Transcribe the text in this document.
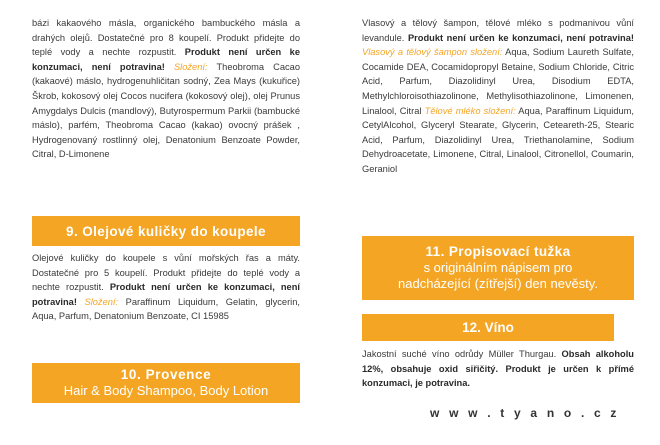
bázi kakaového másla, organického bambuckého másla a drahých olejů. Dostatečné pro 8 koupelí. Produkt přidejte do teplé vody a nechte rozpustit. Produkt není určen ke konzumaci, není potravina! Složení: Theobroma Cacao (kakaové) máslo, hydrogenuhličitan sodný, Zea Mays (kukuřice) Škrob, kokosový olej Cocos nucifera (kokosový olej), olej Prunus Amygdalys Dulcis (mandlový), Butyrospermum Parkii (bambucké máslo), parfém, Theobroma Cacao (kakao) ovocný prášek , Hydrogenovaný rostlinný olej, Denatonium Benzoate Powder, Citral, D-Limonene

9. Olejové kuličky do koupele

Olejové kuličky do koupele s vůní mořských řas a máty. Dostatečné pro 5 koupelí. Produkt přidejte do teplé vody a nechte rozpustit. Produkt není určen ke konzumaci, není potravina! Složení: Paraffinum Liquidum, Gelatin, glycerin, Aqua, Parfum, Denatonium Benzoate, CI 15985

10. Provence
Hair & Body Shampoo, Body Lotion

Vlasový a tělový šampon, tělové mléko s podmanivou vůní levandule. Produkt není určen ke konzumaci, není potravina! Vlasový a tělový šampon složení: Aqua, Sodium Laureth Sulfate, Cocamide DEA, Cocamidopropyl Betaine, Sodium Chloride, Citric Acid, Parfum, Diazolidinyl Urea, Disodium EDTA, Methylchloroisothiazolinone, Methylisothiazolinone, Limonenen, Linalool, Citral Tělové mléko složení: Aqua, Paraffinum Liquidum, CetylAlcohol, Glyceryl Stearate, Glycerin, Ceteareth-25, Stearic Acid, Parfum, Diazolidinyl Urea, Triethanolamine, Sodium Dehydroacetate, Limonene, Citral, Linalool, Citronellol, Coumarin, Geraniol

11. Propisovací tužka
s originálním nápisem pro
nadcházející (zítřejší) den nevěsty.
12. Víno

Jakostní suché víno odrůdy Müller Thurgau. Obsah alkoholu 12%, obsahuje oxid siřičitý. Produkt je určen k přímé konzumaci, je potravina.

w w w . t y a n o . c z
